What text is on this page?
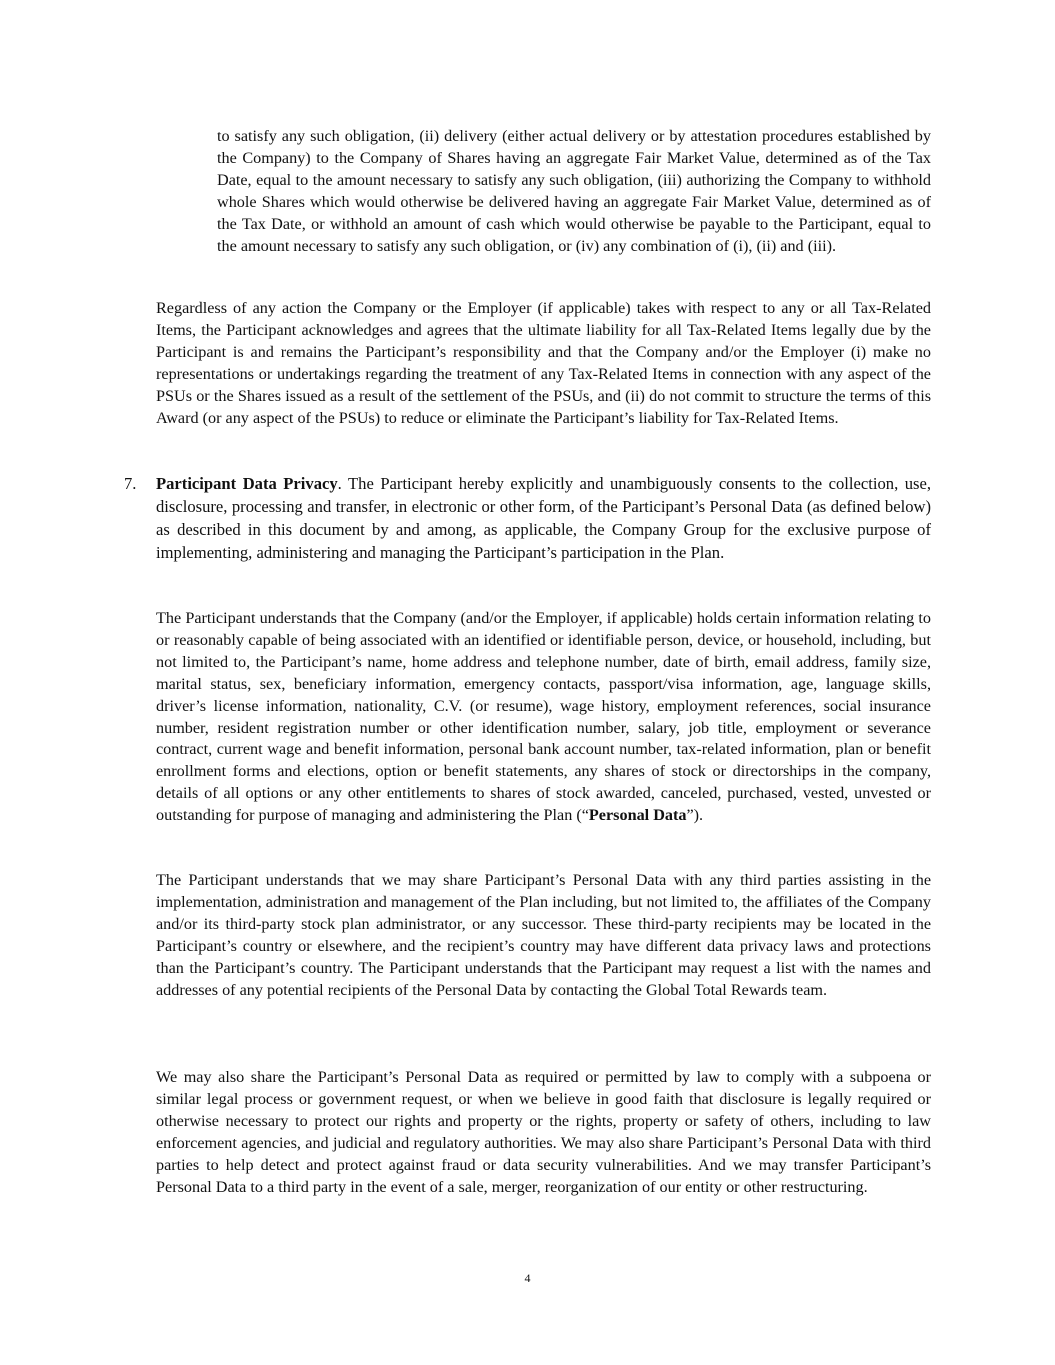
to satisfy any such obligation, (ii) delivery (either actual delivery or by attestation procedures established by the Company) to the Company of Shares having an aggregate Fair Market Value, determined as of the Tax Date, equal to the amount necessary to satisfy any such obligation, (iii) authorizing the Company to withhold whole Shares which would otherwise be delivered having an aggregate Fair Market Value, determined as of the Tax Date, or withhold an amount of cash which would otherwise be payable to the Participant, equal to the amount necessary to satisfy any such obligation, or (iv) any combination of (i), (ii) and (iii).

Regardless of any action the Company or the Employer (if applicable) takes with respect to any or all Tax-Related Items, the Participant acknowledges and agrees that the ultimate liability for all Tax-Related Items legally due by the Participant is and remains the Participant’s responsibility and that the Company and/or the Employer (i) make no representations or undertakings regarding the treatment of any Tax-Related Items in connection with any aspect of the PSUs or the Shares issued as a result of the settlement of the PSUs, and (ii) do not commit to structure the terms of this Award (or any aspect of the PSUs) to reduce or eliminate the Participant’s liability for Tax-Related Items.

7. Participant Data Privacy. The Participant hereby explicitly and unambiguously consents to the collection, use, disclosure, processing and transfer, in electronic or other form, of the Participant’s Personal Data (as defined below) as described in this document by and among, as applicable, the Company Group for the exclusive purpose of implementing, administering and managing the Participant’s participation in the Plan.

The Participant understands that the Company (and/or the Employer, if applicable) holds certain information relating to or reasonably capable of being associated with an identified or identifiable person, device, or household, including, but not limited to, the Participant’s name, home address and telephone number, date of birth, email address, family size, marital status, sex, beneficiary information, emergency contacts, passport/visa information, age, language skills, driver’s license information, nationality, C.V. (or resume), wage history, employment references, social insurance number, resident registration number or other identification number, salary, job title, employment or severance contract, current wage and benefit information, personal bank account number, tax-related information, plan or benefit enrollment forms and elections, option or benefit statements, any shares of stock or directorships in the company, details of all options or any other entitlements to shares of stock awarded, canceled, purchased, vested, unvested or outstanding for purpose of managing and administering the Plan (“Personal Data”).

The Participant understands that we may share Participant’s Personal Data with any third parties assisting in the implementation, administration and management of the Plan including, but not limited to, the affiliates of the Company and/or its third-party stock plan administrator, or any successor. These third-party recipients may be located in the Participant’s country or elsewhere, and the recipient’s country may have different data privacy laws and protections than the Participant’s country. The Participant understands that the Participant may request a list with the names and addresses of any potential recipients of the Personal Data by contacting the Global Total Rewards team.

We may also share the Participant’s Personal Data as required or permitted by law to comply with a subpoena or similar legal process or government request, or when we believe in good faith that disclosure is legally required or otherwise necessary to protect our rights and property or the rights, property or safety of others, including to law enforcement agencies, and judicial and regulatory authorities. We may also share Participant’s Personal Data with third parties to help detect and protect against fraud or data security vulnerabilities. And we may transfer Participant’s Personal Data to a third party in the event of a sale, merger, reorganization of our entity or other restructuring.

4
